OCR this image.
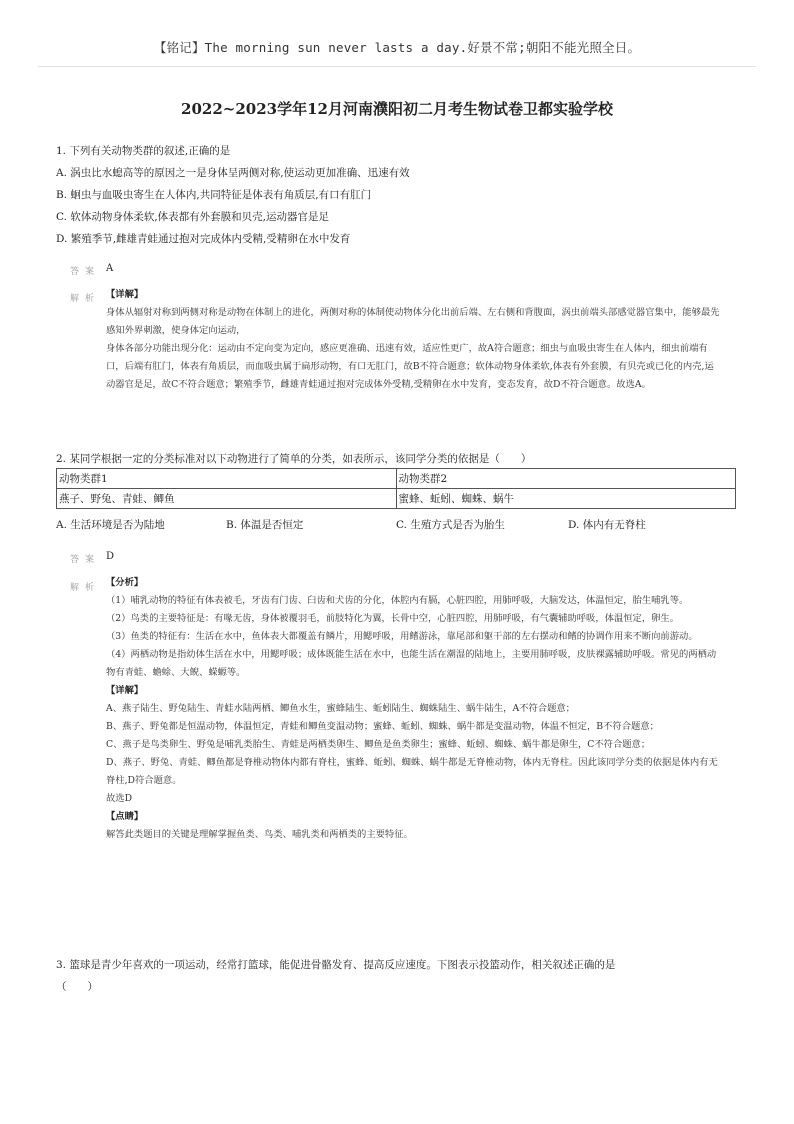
【铭记】The morning sun never lasts a day.好景不常;朝阳不能光照全日。
2022~2023学年12月河南濮阳初二月考生物试卷卫都实验学校
1. 下列有关动物类群的叙述,正确的是
A. 涡虫比水螅高等的原因之一是身体呈两侧对称,使运动更加准确、迅速有效
B. 蛔虫与血吸虫寄生在人体内,共同特征是体表有角质层,有口有肛门
C. 软体动物身体柔软,体表都有外套膜和贝壳,运动器官是足
D. 繁殖季节,雌雄青蛙通过抱对完成体内受精,受精卵在水中发育
答案 A
解析 【详解】

身体从辐射对称到两侧对称是动物在体制上的进化，两侧对称的体制使动物体分化出前后端、左右侧和背腹面，涡虫前端头部感觉器官集中，能够最先感知外界刺激，使身体定向运动，

身体各部分功能出现分化：运动由不定向变为定向，感应更准确、迅速有效，适应性更广，故A符合题意；细虫与血吸虫寄生在人体内，细虫前端有口，后端有肛门，体表有角质层，而血吸虫属于扁形动物，有口无肛门，故B不符合题意；软体动物身体柔软,体表有外套膜，有贝壳或已化的内壳,运动器官是足，故C不符合题意；繁殖季节，雌雄青蛙通过抱对完成体外受精,受精卵在水中发育，变态发育，故D不符合题意。故选A。

2. 某同学根据一定的分类标准对以下动物进行了简单的分类，如表所示，该同学分类的依据是（　　）
动物类群1	动物类群2
燕子、野兔、青蛙、鲫鱼	蜜蜂、蚯蚓、蜘蛛、蜗牛
A. 生活环境是否为陆地	B. 体温是否恒定	C. 生殖方式是否为胎生	D. 体内有无脊柱
答案 D
解析 【分析】

（1）哺乳动物的特征有体表被毛，牙齿有门齿、臼齿和犬齿的分化，体腔内有膈，心脏四腔，用肺呼吸，大脑发达，体温恒定，胎生哺乳等。

（2）鸟类的主要特征是：有喙无齿，身体被覆羽毛，前肢特化为翼，长骨中空，心脏四腔，用肺呼吸，有气囊辅助呼吸，体温恒定，卵生。

（3）鱼类的特征有：生活在水中，鱼体表大都覆盖有鳞片，用鳃呼吸，用鳍游泳，靠尾部和躯干部的左右摆动和鳍的协调作用来不断向前游动。

（4）两栖动物是指幼体生活在水中，用鳃呼吸；成体既能生活在水中，也能生活在潮湿的陆地上，主要用肺呼吸，皮肤裸露辅助呼吸。常见的两栖动物有青蛙、蟾蜍、大鲵、蝾螈等。

【详解】

A、燕子陆生、野兔陆生、青蛙水陆两栖、鲫鱼水生，蜜蜂陆生、蚯蚓陆生、蜘蛛陆生、蜗牛陆生，A不符合题意；

B、燕子、野兔都是恒温动物，体温恒定，青蛙和鲫鱼变温动物；蜜蜂、蚯蚓、蜘蛛、蜗牛都是变温动物，体温不恒定，B不符合题意；

C、燕子是鸟类卵生、野兔是哺乳类胎生、青蛙是两栖类卵生、鲫鱼是鱼类卵生；蜜蜂、蚯蚓、蜘蛛、蜗牛都是卵生，C不符合题意；

D、燕子、野兔、青蛙、鲫鱼都是脊椎动物体内都有脊柱，蜜蜂、蚯蚓、蜘蛛、蜗牛都是无脊椎动物，体内无脊柱。因此该同学分类的依据是体内有无脊柱,D符合题意。

故选D

【点睛】

解答此类题目的关键是理解掌握鱼类、鸟类、哺乳类和两栖类的主要特征。

3. 篮球是青少年喜欢的一项运动，经常打篮球，能促进骨骼发育、提高反应速度。下图表示投篮动作，相关叙述正确的是
（　　）
